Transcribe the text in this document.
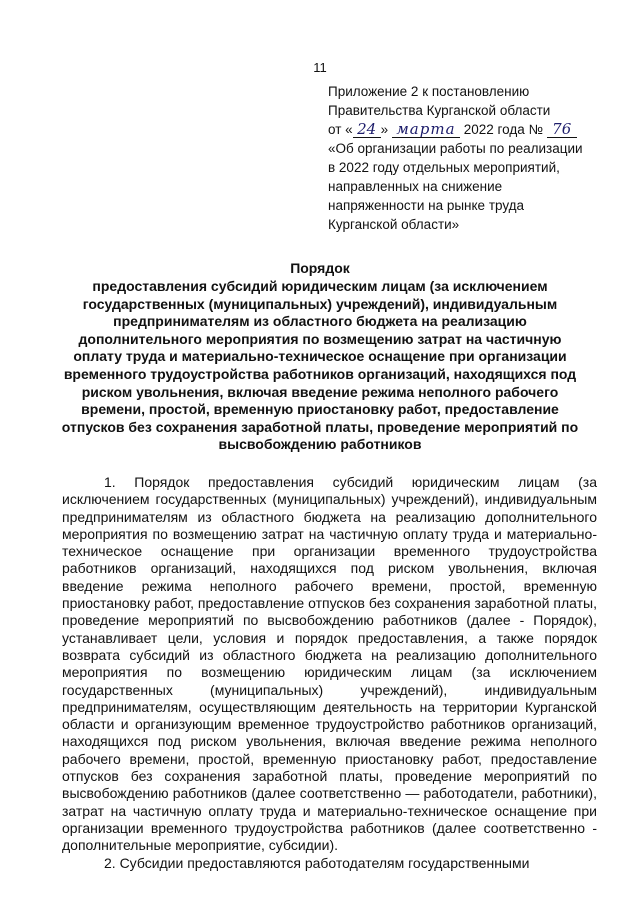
11
Приложение 2 к постановлению
Правительства Курганской области
от « 24 » марта 2022 года № 76
«Об организации работы по реализации
в 2022 году отдельных мероприятий,
направленных на снижение
напряженности на рынке труда
Курганской области»
Порядок
предоставления субсидий юридическим лицам (за исключением государственных (муниципальных) учреждений), индивидуальным предпринимателям из областного бюджета на реализацию дополнительного мероприятия по возмещению затрат на частичную оплату труда и материально-техническое оснащение при организации временного трудоустройства работников организаций, находящихся под риском увольнения, включая введение режима неполного рабочего времени, простой, временную приостановку работ, предоставление отпусков без сохранения заработной платы, проведение мероприятий по высвобождению работников

1. Порядок предоставления субсидий юридическим лицам (за исключением государственных (муниципальных) учреждений), индивидуальным предпринимателям из областного бюджета на реализацию дополнительного мероприятия по возмещению затрат на частичную оплату труда и материально-техническое оснащение при организации временного трудоустройства работников организаций, находящихся под риском увольнения, включая введение режима неполного рабочего времени, простой, временную приостановку работ, предоставление отпусков без сохранения заработной платы, проведение мероприятий по высвобождению работников (далее - Порядок), устанавливает цели, условия и порядок предоставления, а также порядок возврата субсидий из областного бюджета на реализацию дополнительного мероприятия по возмещению юридическим лицам (за исключением государственных (муниципальных) учреждений), индивидуальным предпринимателям, осуществляющим деятельность на территории Курганской области и организующим временное трудоустройство работников организаций, находящихся под риском увольнения, включая введение режима неполного рабочего времени, простой, временную приостановку работ, предоставление отпусков без сохранения заработной платы, проведение мероприятий по высвобождению работников (далее соответственно — работодатели, работники), затрат на частичную оплату труда и материально-техническое оснащение при организации временного трудоустройства работников (далее соответственно - дополнительные мероприятие, субсидии).

2. Субсидии предоставляются работодателям государственными
